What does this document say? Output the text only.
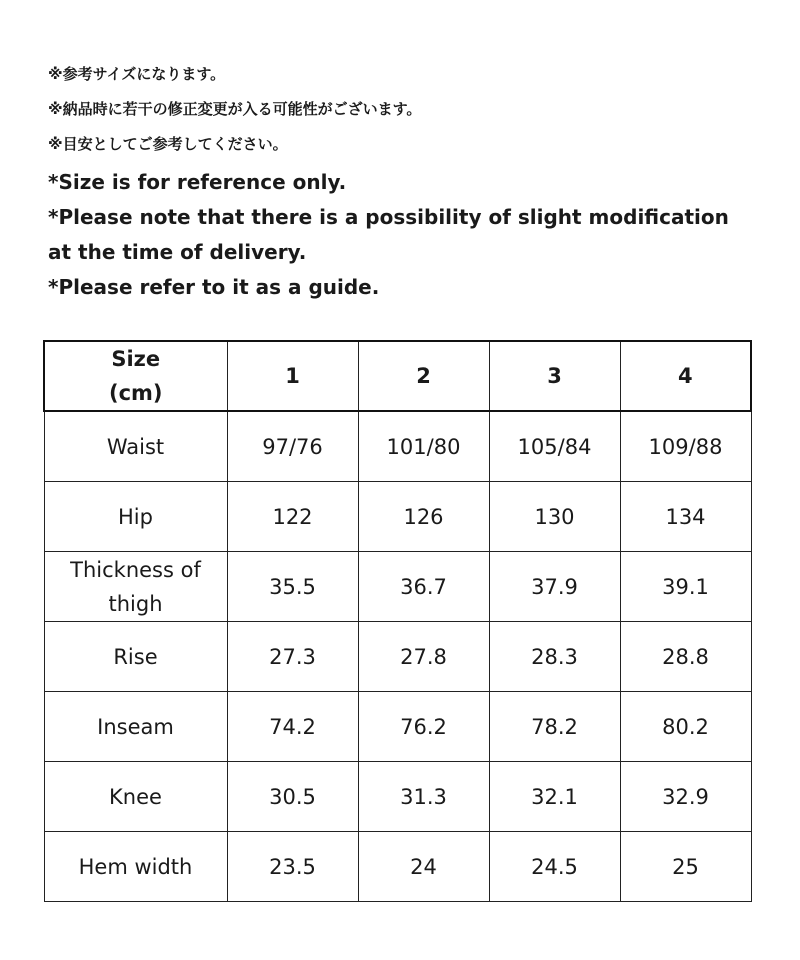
※参考サイズになります。
※納品時に若干の修正変更が入る可能性がございます。
※目安としてご参考してください。
*Size is for reference only.
*Please note that there is a possibility of slight modification
at the time of delivery.
*Please refer to it as a guide.
Size
(cm)	1	2	3	4
Waist	97/76	101/80	105/84	109/88
Hip	122	126	130	134

Thickness of
thigh	35.5	36.7	37.9	39.1
Rise	27.3	27.8	28.3	28.8
Inseam	74.2	76.2	78.2	80.2
Knee	30.5	31.3	32.1	32.9
Hem width	23.5	24	24.5	25
